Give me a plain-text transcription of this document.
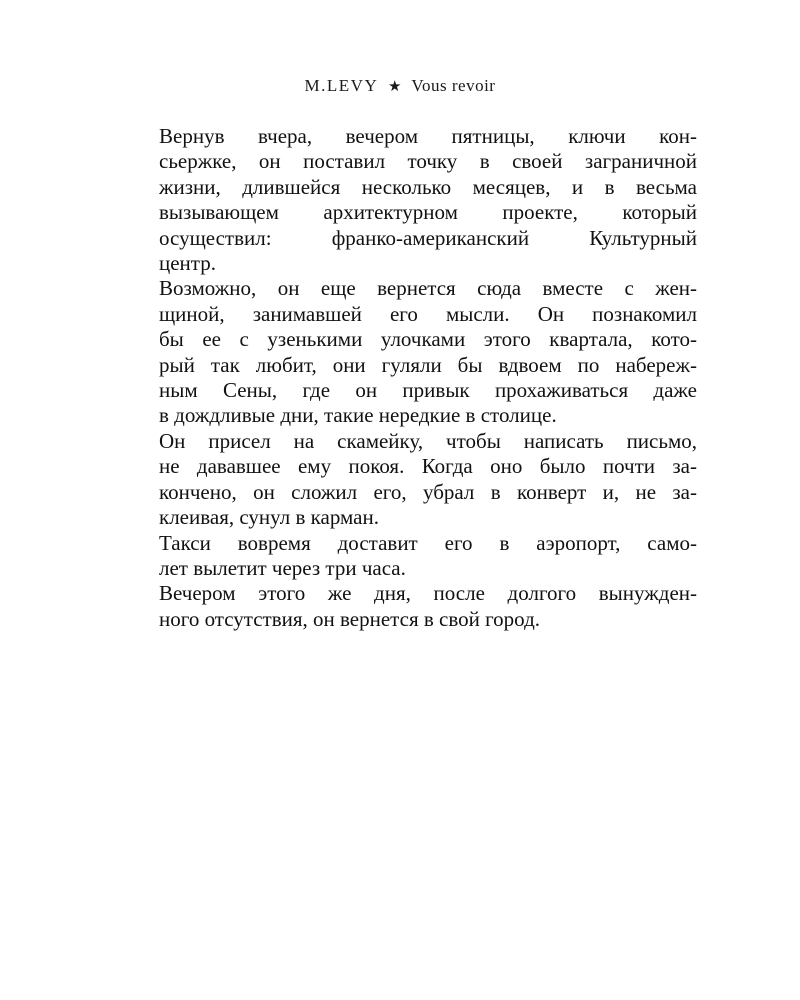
M.LEVY ★ Vous revoir

Вернув вчера, вечером пятницы, ключи кон-
сьержке, он поставил точку в своей заграничной
жизни, длившейся несколько месяцев, и в весьма
вызывающем архитектурном проекте, который
осуществил: франко-американский Культурный
центр.

Возможно, он еще вернется сюда вместе с жен-
щиной, занимавшей его мысли. Он познакомил
бы ее с узенькими улочками этого квартала, кото-
рый так любит, они гуляли бы вдвоем по набереж-
ным Сены, где он привык прохаживаться даже
в дождливые дни, такие нередкие в столице.

Он присел на скамейку, чтобы написать письмо,
не дававшее ему покоя. Когда оно было почти за-
кончено, он сложил его, убрал в конверт и, не за-
клеивая, сунул в карман.

Такси вовремя доставит его в аэропорт, само-
лет вылетит через три часа.

Вечером этого же дня, после долгого вынужден-
ного отсутствия, он вернется в свой город.
